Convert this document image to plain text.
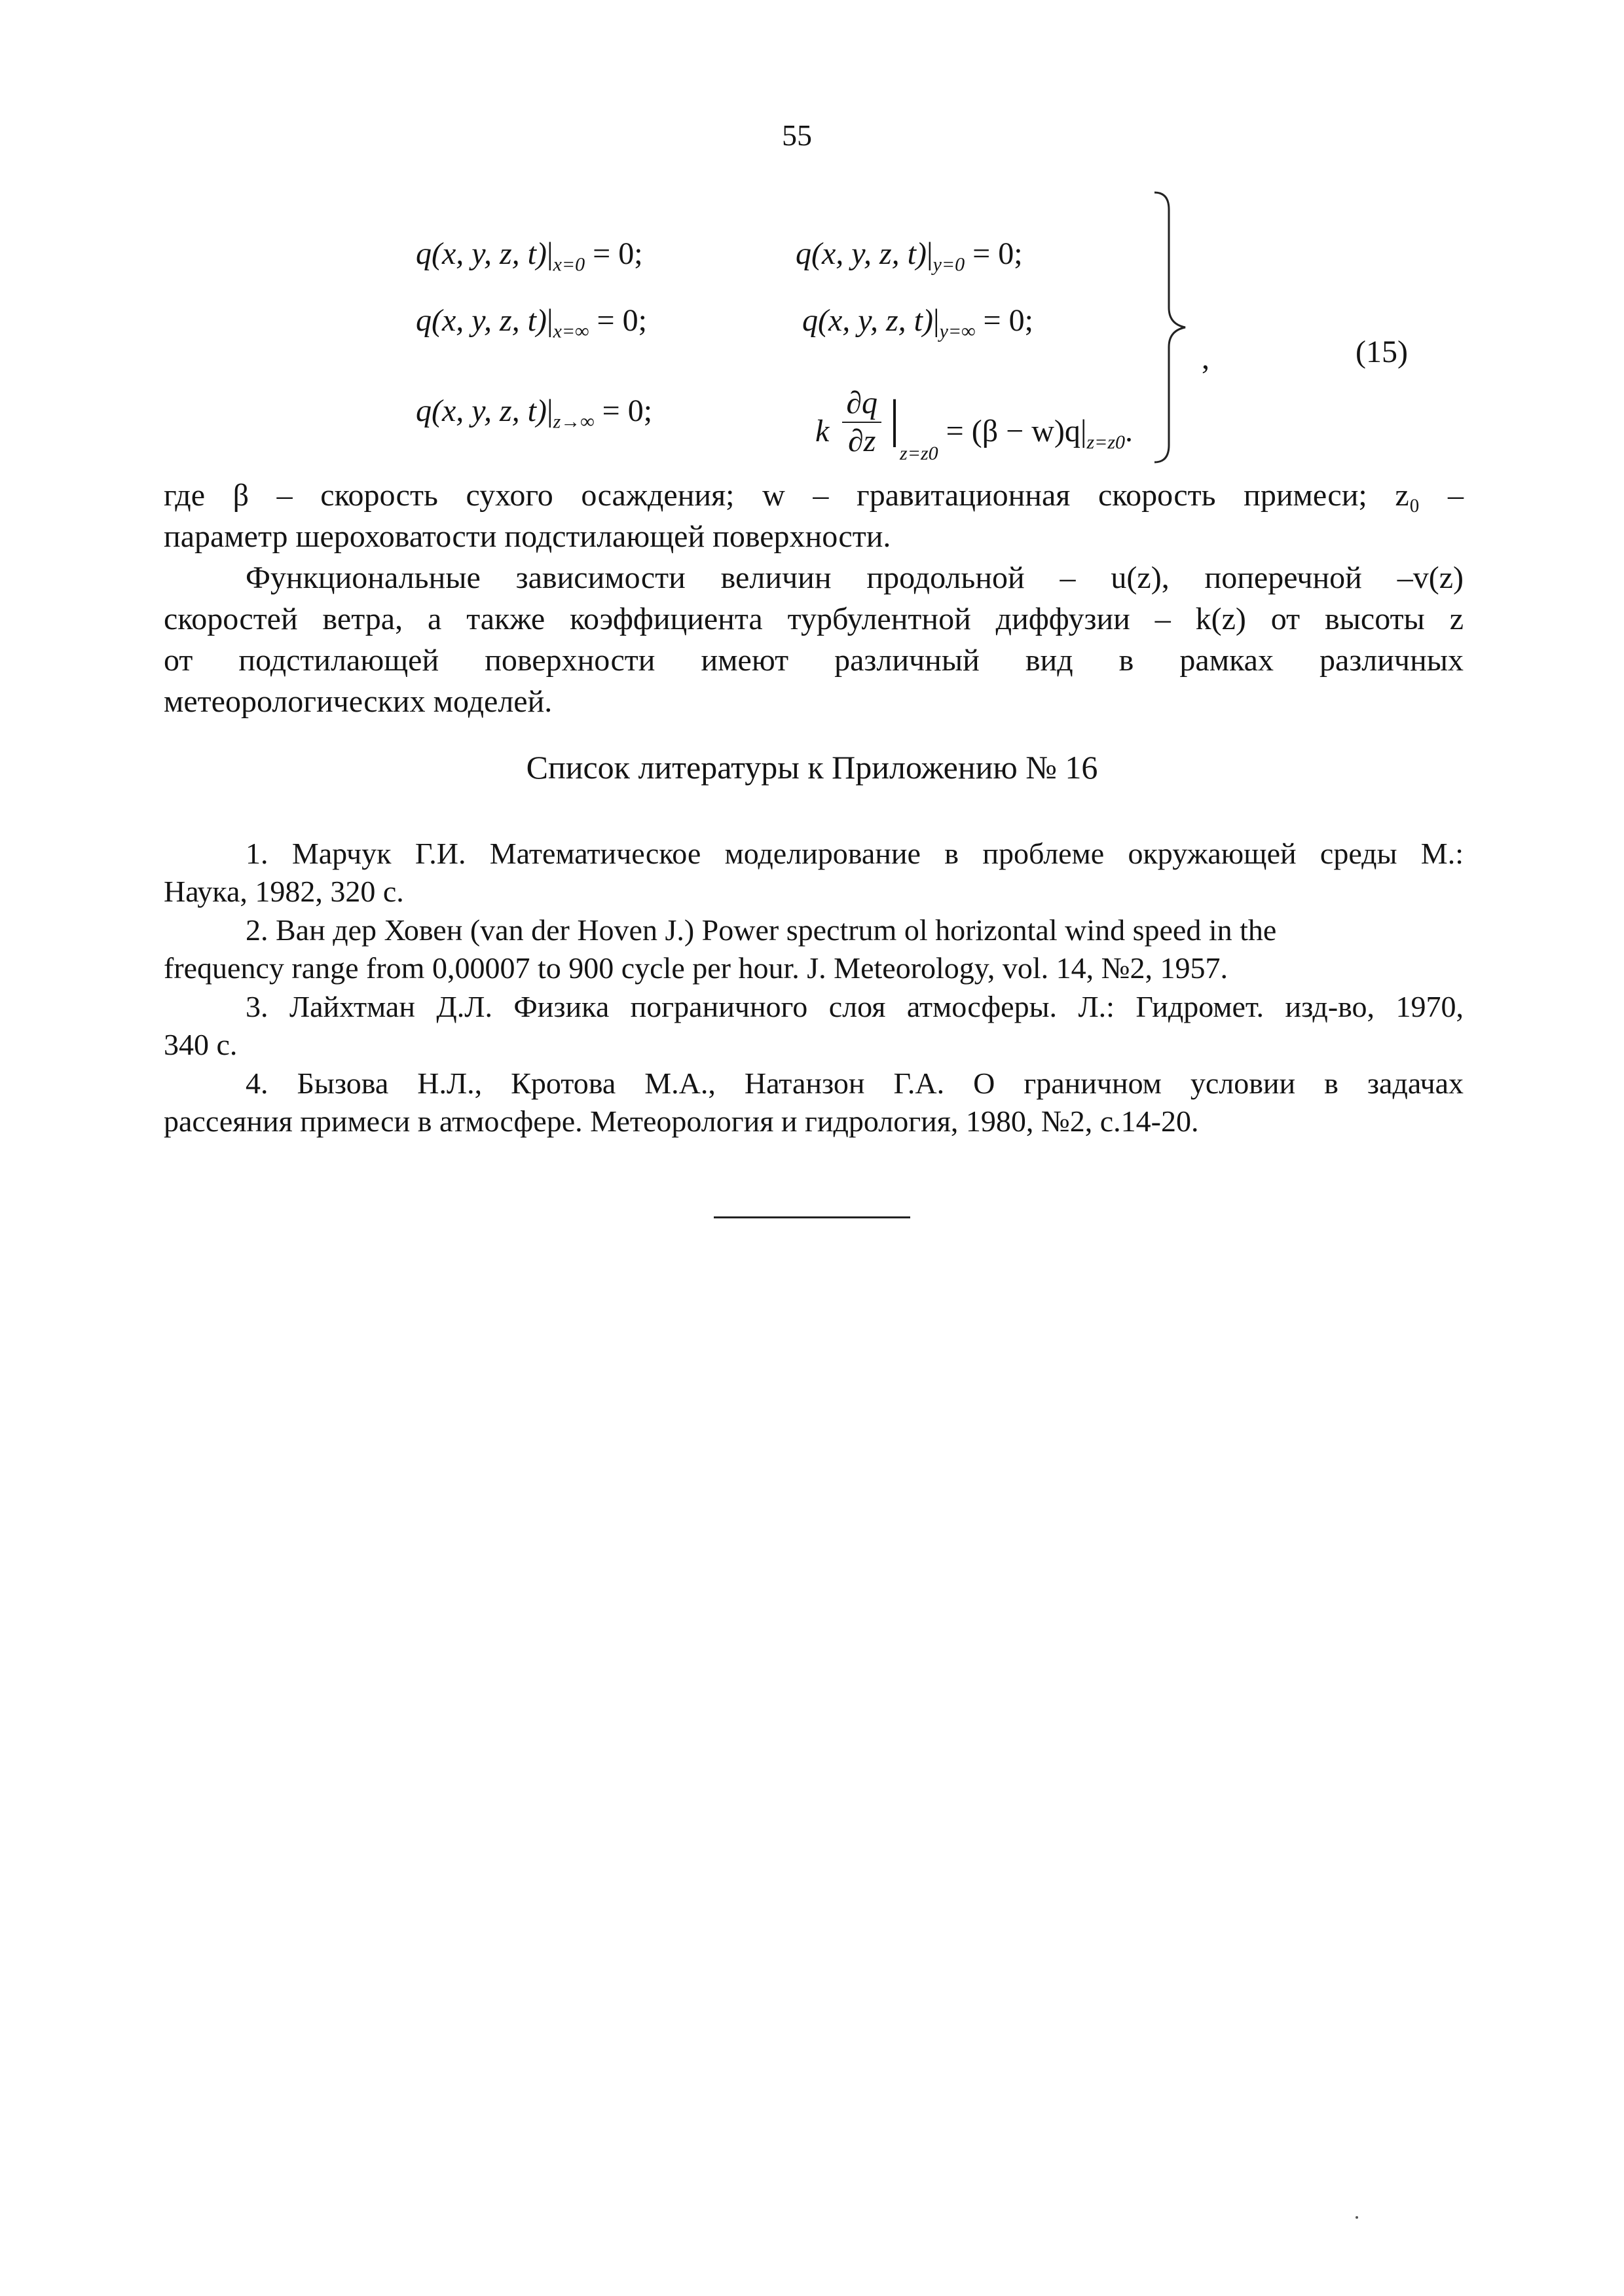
55
q(x, y, z, $t)|_{x=0} = 0$;	q(x, y, z, $t)|_{y=0} = 0$;
q(x, y, z, $t)|_{x=\infty} = 0$;	q(x, y, z, $t)|_{y=\infty} = 0$;
q(x, y, z, $t)|_{z\to\infty} = 0$;
k $\frac{\partial q}{\partial z} |_{z=z0} = (\beta - w)q|_{z=z0}$.
,	(15)
где β – скорость сухого осаждения; w – гравитационная скорость примеси; z₀ –
параметр шероховатости подстилающей поверхности.
Функциональные зависимости величин продольной – u(z), поперечной –v(z)
скоростей ветра, а также коэффициента турбулентной диффузии – k(z) от высоты z
от подстилающей поверхности имеют различный вид в рамках различных
метеорологических моделей.
Список литературы к Приложению № 16
1. Марчук Г.И. Математическое моделирование в проблеме окружающей среды М.:
Наука, 1982, 320 с.
2. Ван дер Ховен (van der Hoven J.) Power spectrum ol horizontal wind speed in the
frequency range from 0,00007 to 900 cycle per hour. J. Meteorology, vol. 14, №2, 1957.
3. Лайхтман Д.Л. Физика пограничного слоя атмосферы. Л.: Гидромет. изд-во, 1970,
340 с.
4. Бызова Н.Л., Кротова М.А., Натанзон Г.А. О граничном условии в задачах
рассеяния примеси в атмосфере. Метеорология и гидрология, 1980, №2, с.14-20.
